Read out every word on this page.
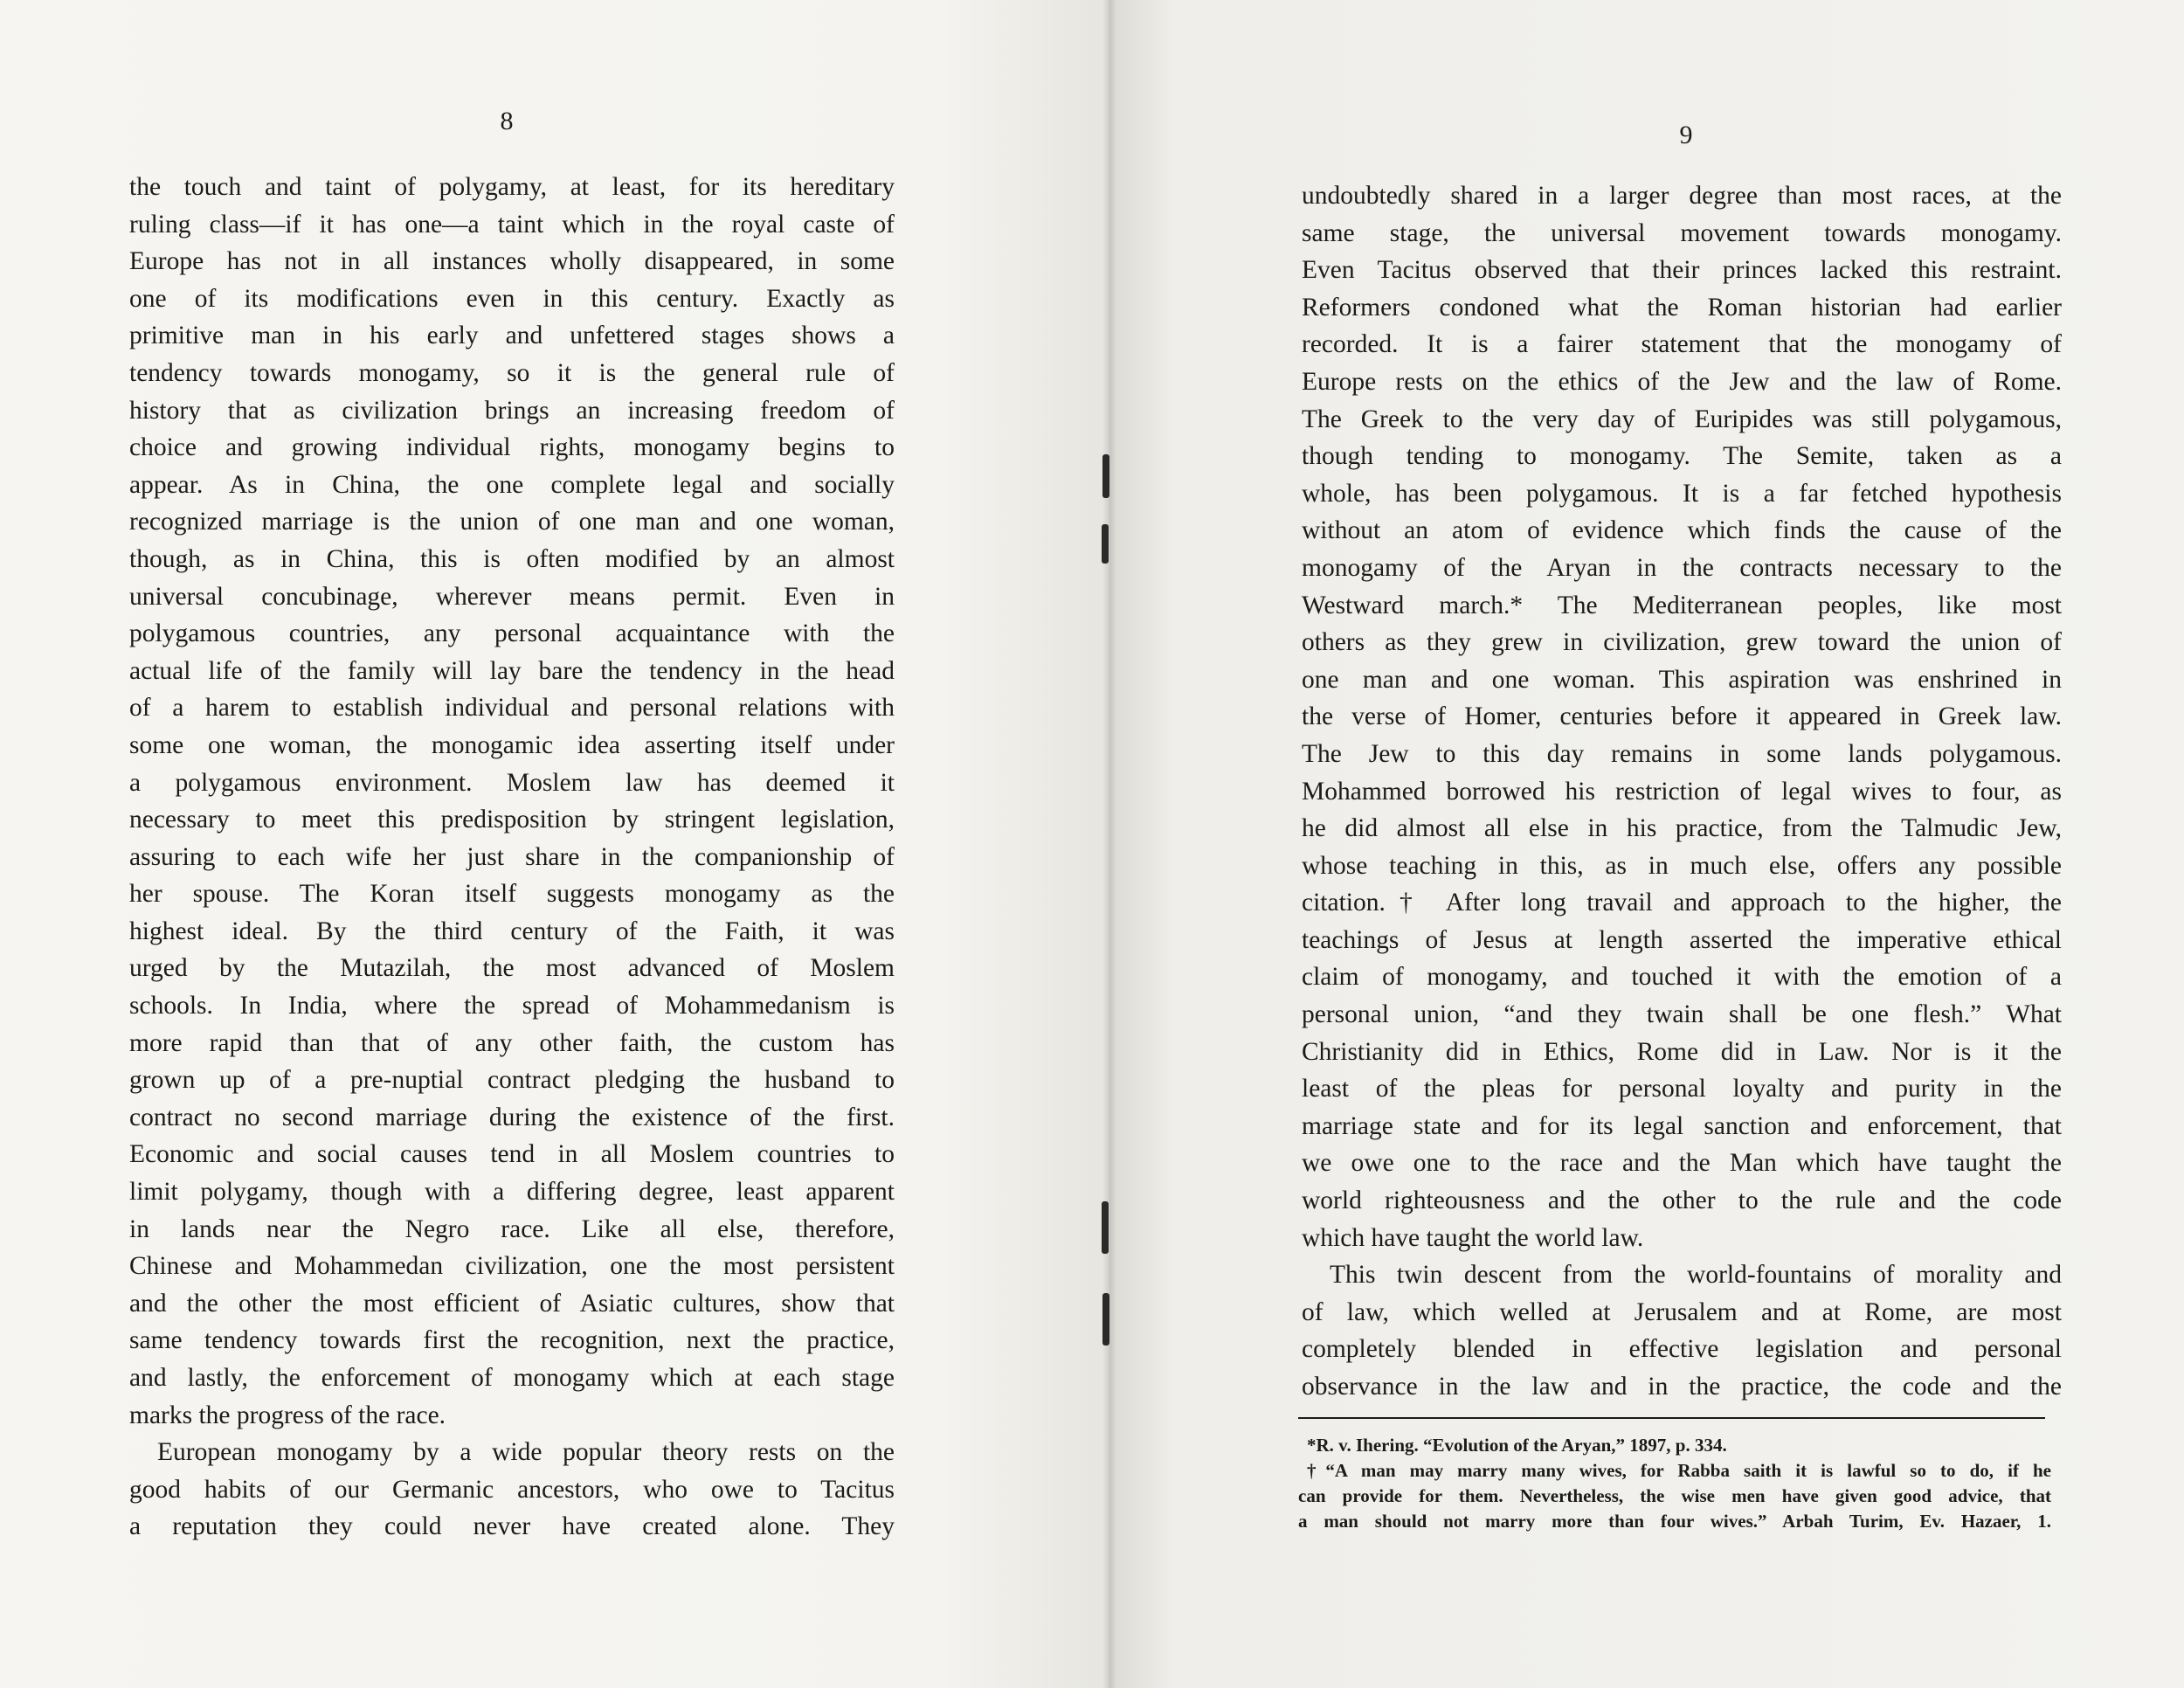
8	9
the touch and taint of polygamy, at least, for its hereditary
ruling class—if it has one—a taint which in the royal caste of
Europe has not in all instances wholly disappeared, in some
one of its modifications even in this century. Exactly as
primitive man in his early and unfettered stages shows a
tendency towards monogamy, so it is the general rule of
history that as civilization brings an increasing freedom of
choice and growing individual rights, monogamy begins to
appear. As in China, the one complete legal and socially
recognized marriage is the union of one man and one woman,
though, as in China, this is often modified by an almost
universal concubinage, wherever means permit. Even in
polygamous countries, any personal acquaintance with the
actual life of the family will lay bare the tendency in the head
of a harem to establish individual and personal relations with
some one woman, the monogamic idea asserting itself under
a polygamous environment. Moslem law has deemed it
necessary to meet this predisposition by stringent legislation,
assuring to each wife her just share in the companionship of
her spouse. The Koran itself suggests monogamy as the
highest ideal. By the third century of the Faith, it was
urged by the Mutazilah, the most advanced of Moslem
schools. In India, where the spread of Mohammedanism is
more rapid than that of any other faith, the custom has
grown up of a pre-nuptial contract pledging the husband to
contract no second marriage during the existence of the first.
Economic and social causes tend in all Moslem countries to
limit polygamy, though with a differing degree, least apparent
in lands near the Negro race. Like all else, therefore,
Chinese and Mohammedan civilization, one the most persistent
and the other the most efficient of Asiatic cultures, show that
same tendency towards first the recognition, next the practice,
and lastly, the enforcement of monogamy which at each stage
marks the progress of the race.
European monogamy by a wide popular theory rests on the
good habits of our Germanic ancestors, who owe to Tacitus
a reputation they could never have created alone. They
undoubtedly shared in a larger degree than most races, at the
same stage, the universal movement towards monogamy.
Even Tacitus observed that their princes lacked this restraint.
Reformers condoned what the Roman historian had earlier
recorded. It is a fairer statement that the monogamy of
Europe rests on the ethics of the Jew and the law of Rome.
The Greek to the very day of Euripides was still polygamous,
though tending to monogamy. The Semite, taken as a
whole, has been polygamous. It is a far fetched hypothesis
without an atom of evidence which finds the cause of the
monogamy of the Aryan in the contracts necessary to the
Westward march.* The Mediterranean peoples, like most
others as they grew in civilization, grew toward the union of
one man and one woman. This aspiration was enshrined in
the verse of Homer, centuries before it appeared in Greek law.
The Jew to this day remains in some lands polygamous.
Mohammed borrowed his restriction of legal wives to four, as
he did almost all else in his practice, from the Talmudic Jew,
whose teaching in this, as in much else, offers any possible
citation.† After long travail and approach to the higher, the
teachings of Jesus at length asserted the imperative ethical
claim of monogamy, and touched it with the emotion of a
personal union, “and they twain shall be one flesh.” What
Christianity did in Ethics, Rome did in Law. Nor is it the
least of the pleas for personal loyalty and purity in the
marriage state and for its legal sanction and enforcement, that
we owe one to the race and the Man which have taught the
world righteousness and the other to the rule and the code
which have taught the world law.
This twin descent from the world-fountains of morality and
of law, which welled at Jerusalem and at Rome, are most
completely blended in effective legislation and personal
observance in the law and in the practice, the code and the
*R. v. Ihering. “Evolution of the Aryan,” 1897, p. 334.
†“A man may marry many wives, for Rabba saith it is lawful so to do, if he
can provide for them. Nevertheless, the wise men have given good advice, that
a man should not marry more than four wives.” Arbah Turim, Ev. Hazaer, 1.
